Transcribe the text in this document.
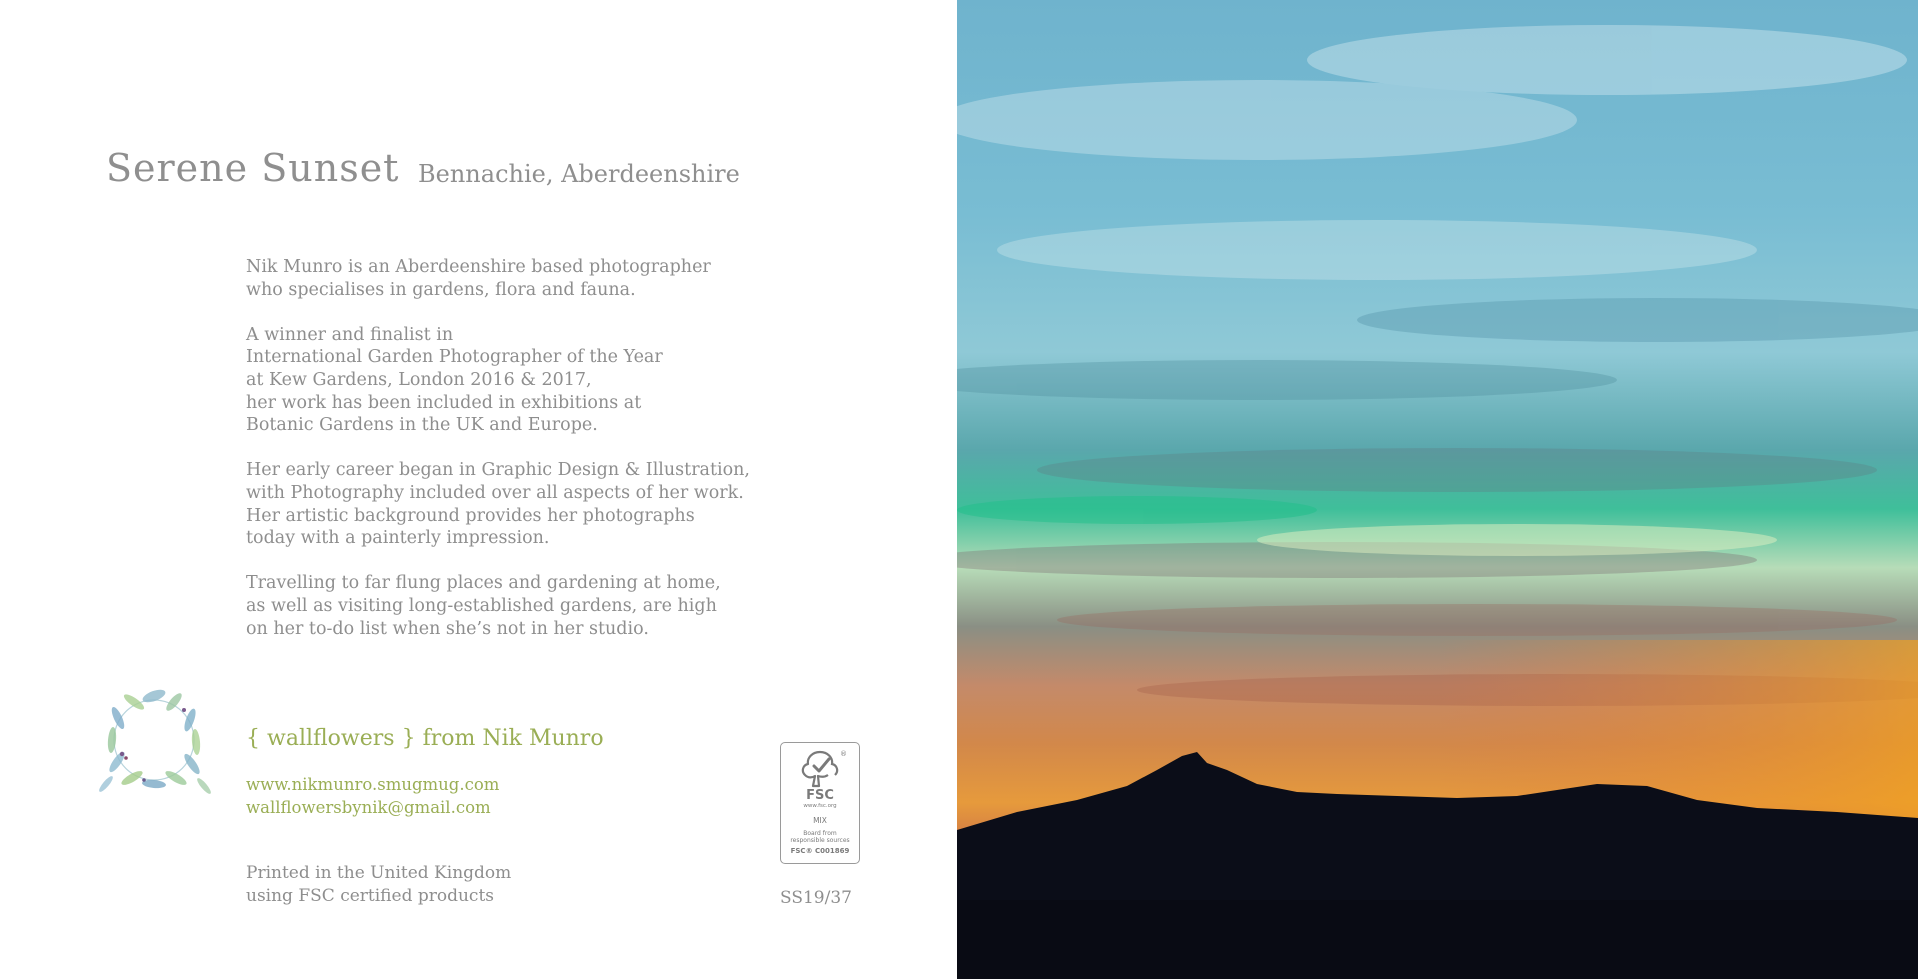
Serene Sunset Bennachie, Aberdeenshire

Nik Munro is an Aberdeenshire based photographer
who specialises in gardens, flora and fauna.

A winner and finalist in
International Garden Photographer of the Year
at Kew Gardens, London 2016 & 2017,
her work has been included in exhibitions at
Botanic Gardens in the UK and Europe.

Her early career began in Graphic Design & Illustration,
with Photography included over all aspects of her work.
Her artistic background provides her photographs
today with a painterly impression.

Travelling to far flung places and gardening at home,
as well as visiting long-established gardens, are high
on her to-do list when she’s not in her studio.

{ wallflowers } from Nik Munro
www.nikmunro.smugmug.com
wallflowersbynik@gmail.com
Printed in the United Kingdom
using FSC certified products
®
FSC
www.fsc.org
MIX
Board from
responsible sources
FSC® C001869
SS19/37
